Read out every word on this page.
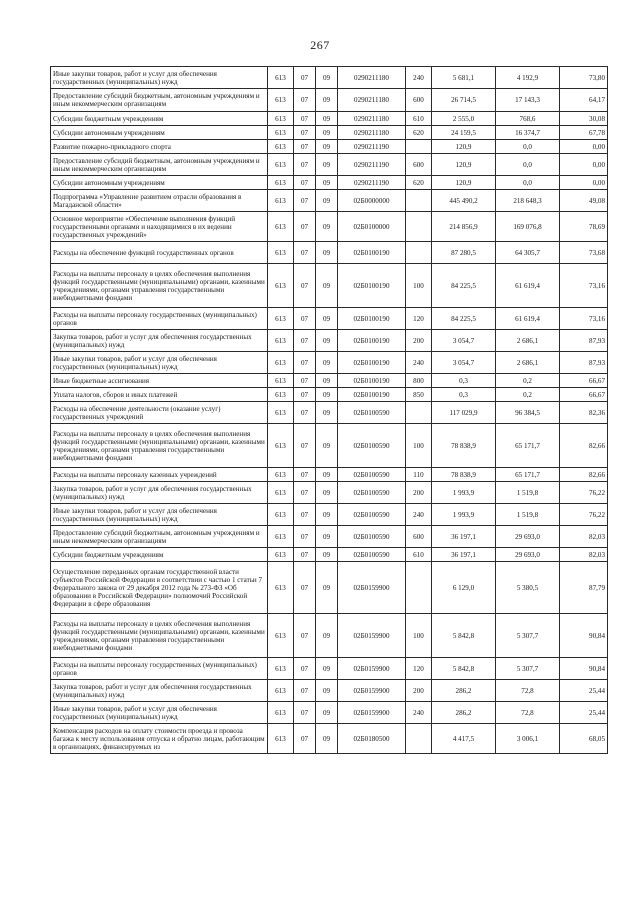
267
Иные закупки товаров, работ и услуг для обеспечения государственных (муниципальных) нужд	613	07	09	0290211180	240	5 681,1	4 192,9	73,80
Предоставление субсидий бюджетным, автономным учреждениям и иным некоммерческим организациям	613	07	09	0290211180	600	26 714,5	17 143,3	64,17
Субсидии бюджетным учреждениям	613	07	09	0290211180	610	2 555,0	768,6	30,08
Субсидии автономным учреждениям	613	07	09	0290211180	620	24 159,5	16 374,7	67,78
Развитие пожарно-прикладного спорта	613	07	09	0290211190		120,9	0,0	0,00
Предоставление субсидий бюджетным, автономным учреждениям и иным некоммерческим организациям	613	07	09	0290211190	600	120,9	0,0	0,00
Субсидии автономным учреждениям	613	07	09	0290211190	620	120,9	0,0	0,00
Подпрограмма «Управление развитием отрасли образования в Магаданской области»	613	07	09	02Б0000000		445 490,2	218 648,3	49,08
Основное мероприятие «Обеспечение выполнения функций государственными органами и находящимися в их ведении государственных учреждений»	613	07	09	02Б0100000		214 856,9	169 076,8	78,69
Расходы на обеспечение функций государственных органов	613	07	09	02Б0100190		87 280,5	64 305,7	73,68
Расходы на выплаты персоналу в целях обеспечения выполнения функций государственными (муниципальными) органами, казенными учреждениями, органами управления государственными внебюджетными фондами	613	07	09	02Б0100190	100	84 225,5	61 619,4	73,16
Расходы на выплаты персоналу государственных (муниципальных) органов	613	07	09	02Б0100190	120	84 225,5	61 619,4	73,16
Закупка товаров, работ и услуг для обеспечения государственных (муниципальных) нужд	613	07	09	02Б0100190	200	3 054,7	2 686,1	87,93
Иные закупки товаров, работ и услуг для обеспечения государственных (муниципальных) нужд	613	07	09	02Б0100190	240	3 054,7	2 686,1	87,93
Иные бюджетные ассигнования	613	07	09	02Б0100190	800	0,3	0,2	66,67
Уплата налогов, сборов и иных платежей	613	07	09	02Б0100190	850	0,3	0,2	66,67
Расходы на обеспечение деятельности (оказание услуг) государственных учреждений	613	07	09	02Б0100590		117 029,9	96 384,5	82,36
Расходы на выплаты персоналу в целях обеспечения выполнения функций государственными (муниципальными) органами, казенными учреждениями, органами управления государственными внебюджетными фондами	613	07	09	02Б0100590	100	78 838,9	65 171,7	82,66
Расходы на выплаты персоналу казенных учреждений	613	07	09	02Б0100590	110	78 838,9	65 171,7	82,66
Закупка товаров, работ и услуг для обеспечения государственных (муниципальных) нужд	613	07	09	02Б0100590	200	1 993,9	1 519,8	76,22
Иные закупки товаров, работ и услуг для обеспечения государственных (муниципальных) нужд	613	07	09	02Б0100590	240	1 993,9	1 519,8	76,22
Предоставление субсидий бюджетным, автономным учреждениям и иным некоммерческим организациям	613	07	09	02Б0100590	600	36 197,1	29 693,0	82,03
Субсидии бюджетным учреждениям	613	07	09	02Б0100590	610	36 197,1	29 693,0	82,03
Осуществление переданных органам государственной власти субъектов Российской Федерации в соответствии с частью 1 статьи 7 Федерального закона от 29 декабря 2012 года № 273-ФЗ «Об образовании в Российской Федерации» полномочий Российской Федерации в сфере образования	613	07	09	02Б0159900		6 129,0	5 380,5	87,79
Расходы на выплаты персоналу в целях обеспечения выполнения функций государственными (муниципальными) органами, казенными учреждениями, органами управления государственными внебюджетными фондами	613	07	09	02Б0159900	100	5 842,8	5 307,7	90,84
Расходы на выплаты персоналу государственных (муниципальных) органов	613	07	09	02Б0159900	120	5 842,8	5 307,7	90,84
Закупка товаров, работ и услуг для обеспечения государственных (муниципальных) нужд	613	07	09	02Б0159900	200	286,2	72,8	25,44
Иные закупки товаров, работ и услуг для обеспечения государственных (муниципальных) нужд	613	07	09	02Б0159900	240	286,2	72,8	25,44
Компенсация расходов на оплату стоимости проезда и провоза багажа к месту использования отпуска и обратно лицам, работающим в организациях, финансируемых из	613	07	09	02Б0180500		4 417,5	3 006,1	68,05
